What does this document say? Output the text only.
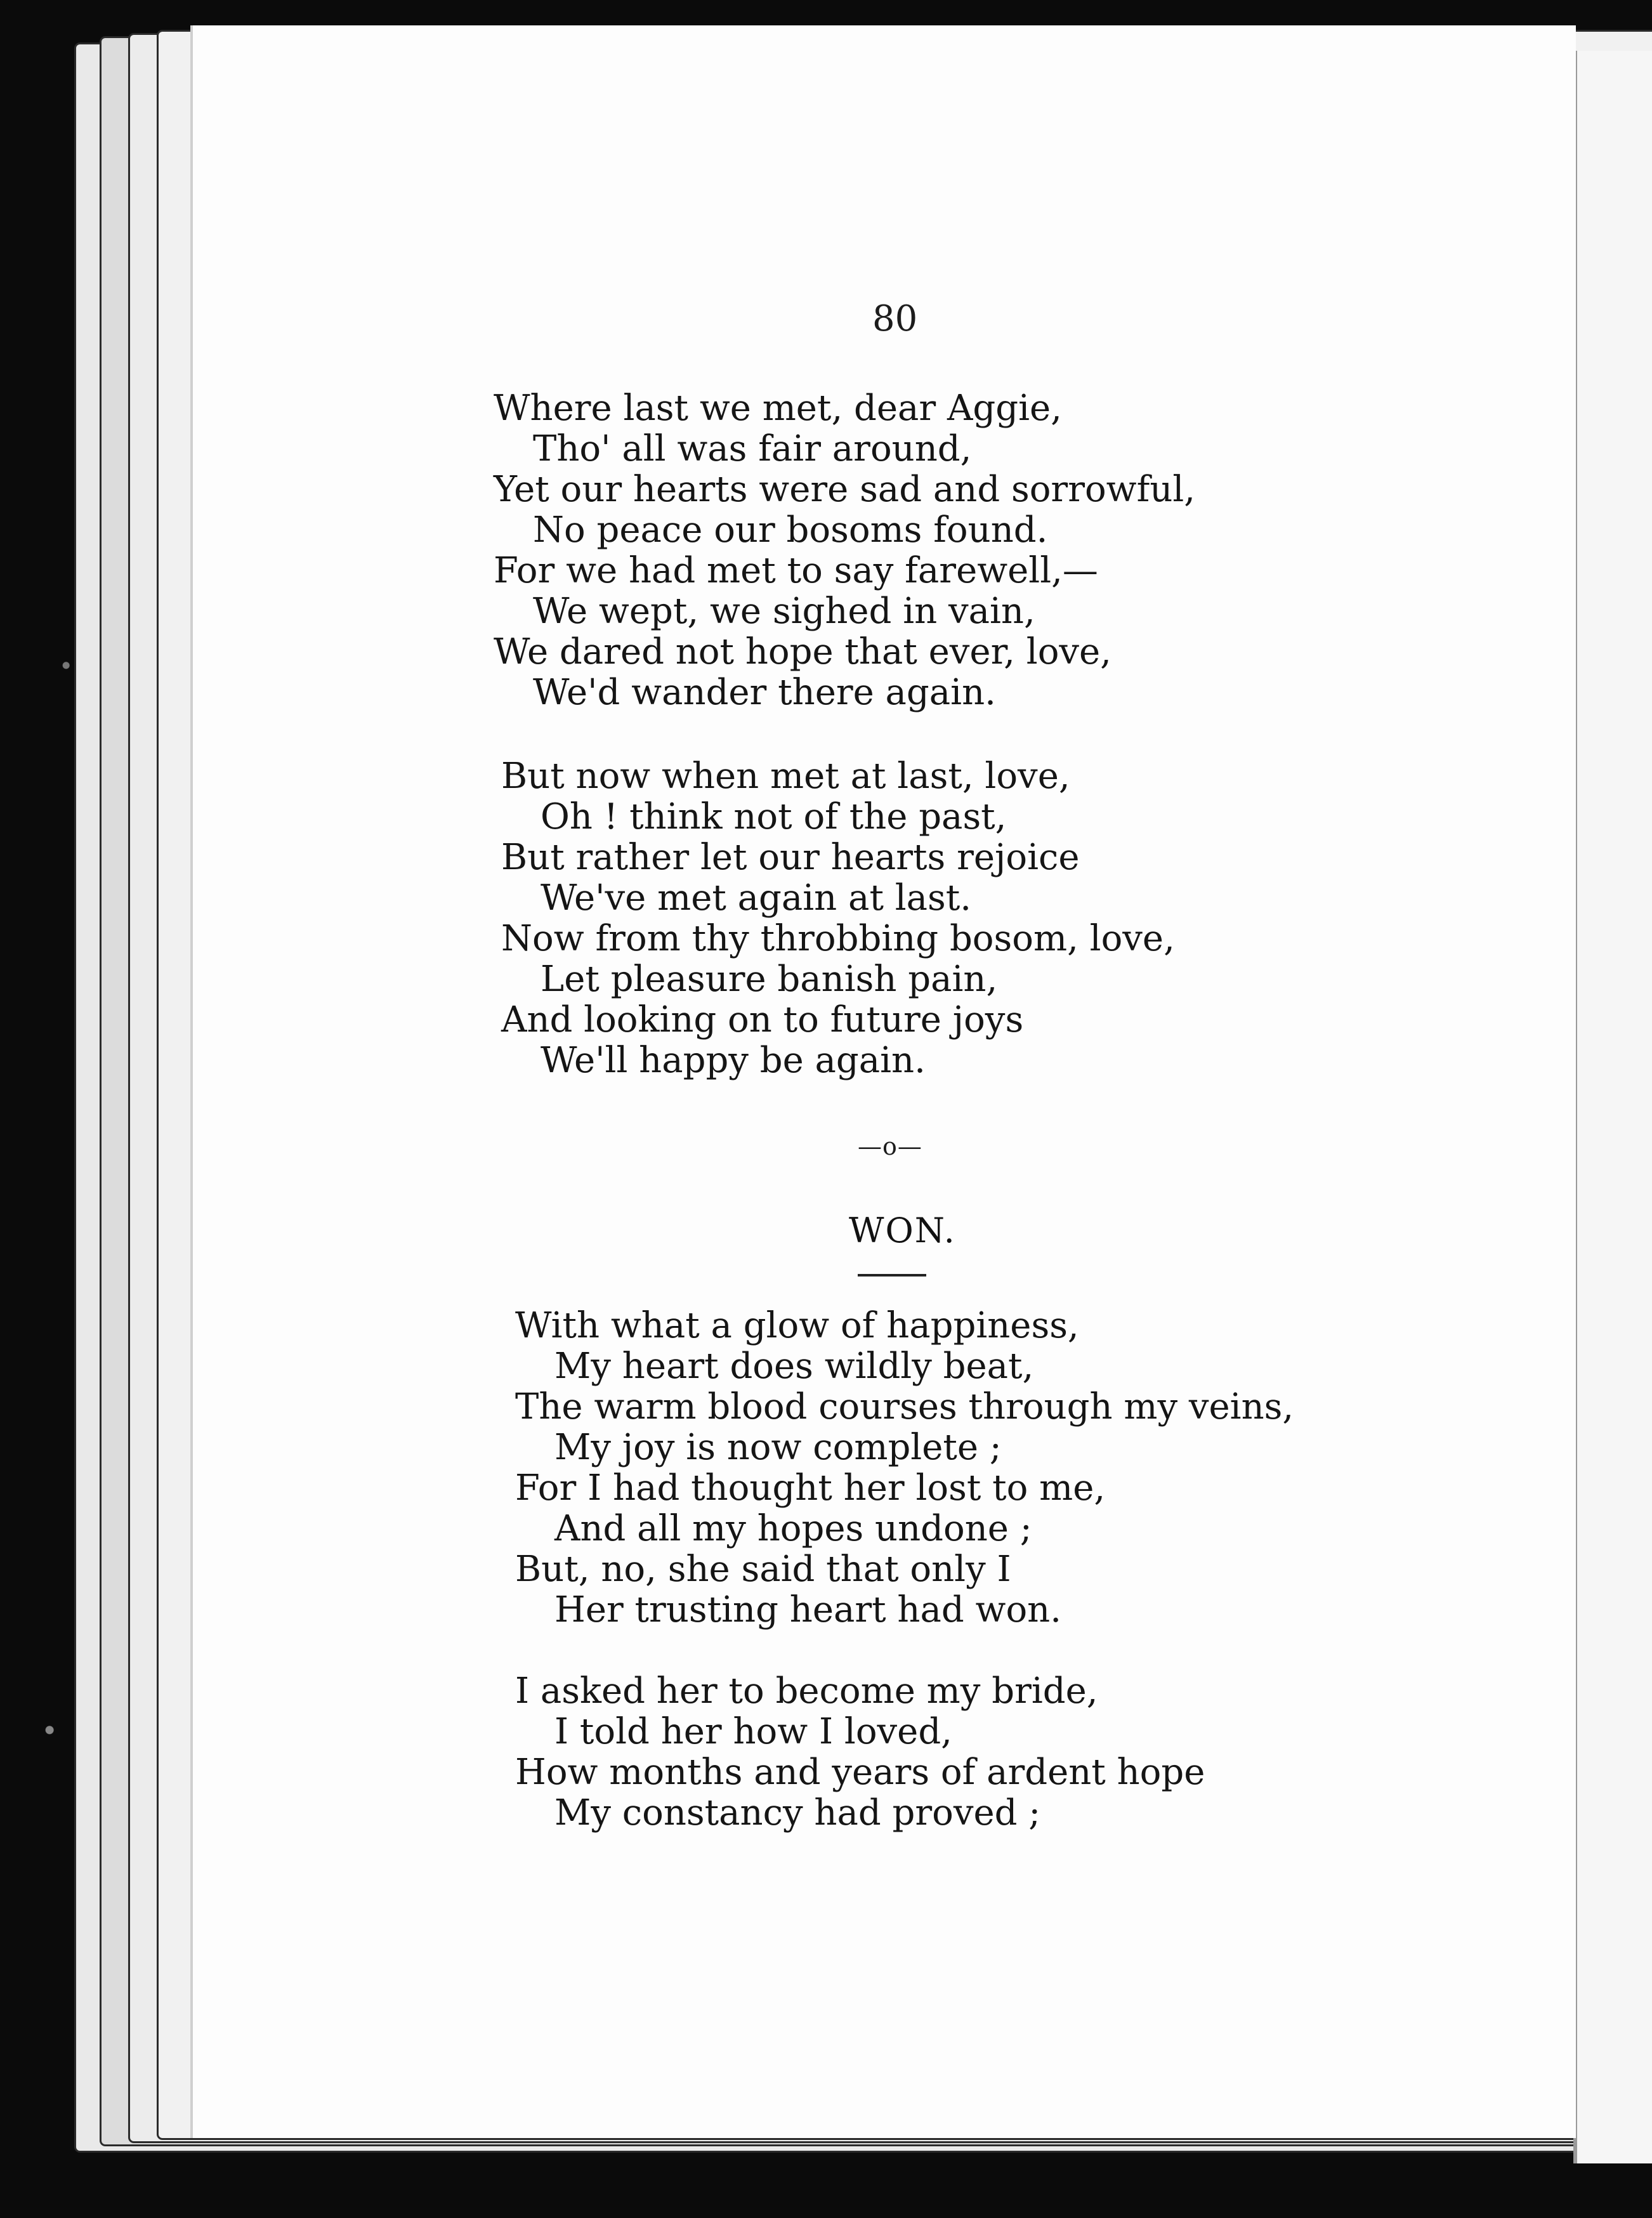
80

Where last we met, dear Aggie,
Tho' all was fair around,
Yet our hearts were sad and sorrowful,
No peace our bosoms found.
For we had met to say farewell,—
We wept, we sighed in vain,
We dared not hope that ever, love,
We'd wander there again.

But now when met at last, love,
Oh ! think not of the past,
But rather let our hearts rejoice
We've met again at last.
Now from thy throbbing bosom, love,
Let pleasure banish pain,
And looking on to future joys
We'll happy be again.

—o—
WON.

With what a glow of happiness,
My heart does wildly beat,
The warm blood courses through my veins,
My joy is now complete ;
For I had thought her lost to me,
And all my hopes undone ;
But, no, she said that only I
Her trusting heart had won.

I asked her to become my bride,
I told her how I loved,
How months and years of ardent hope
My constancy had proved ;
